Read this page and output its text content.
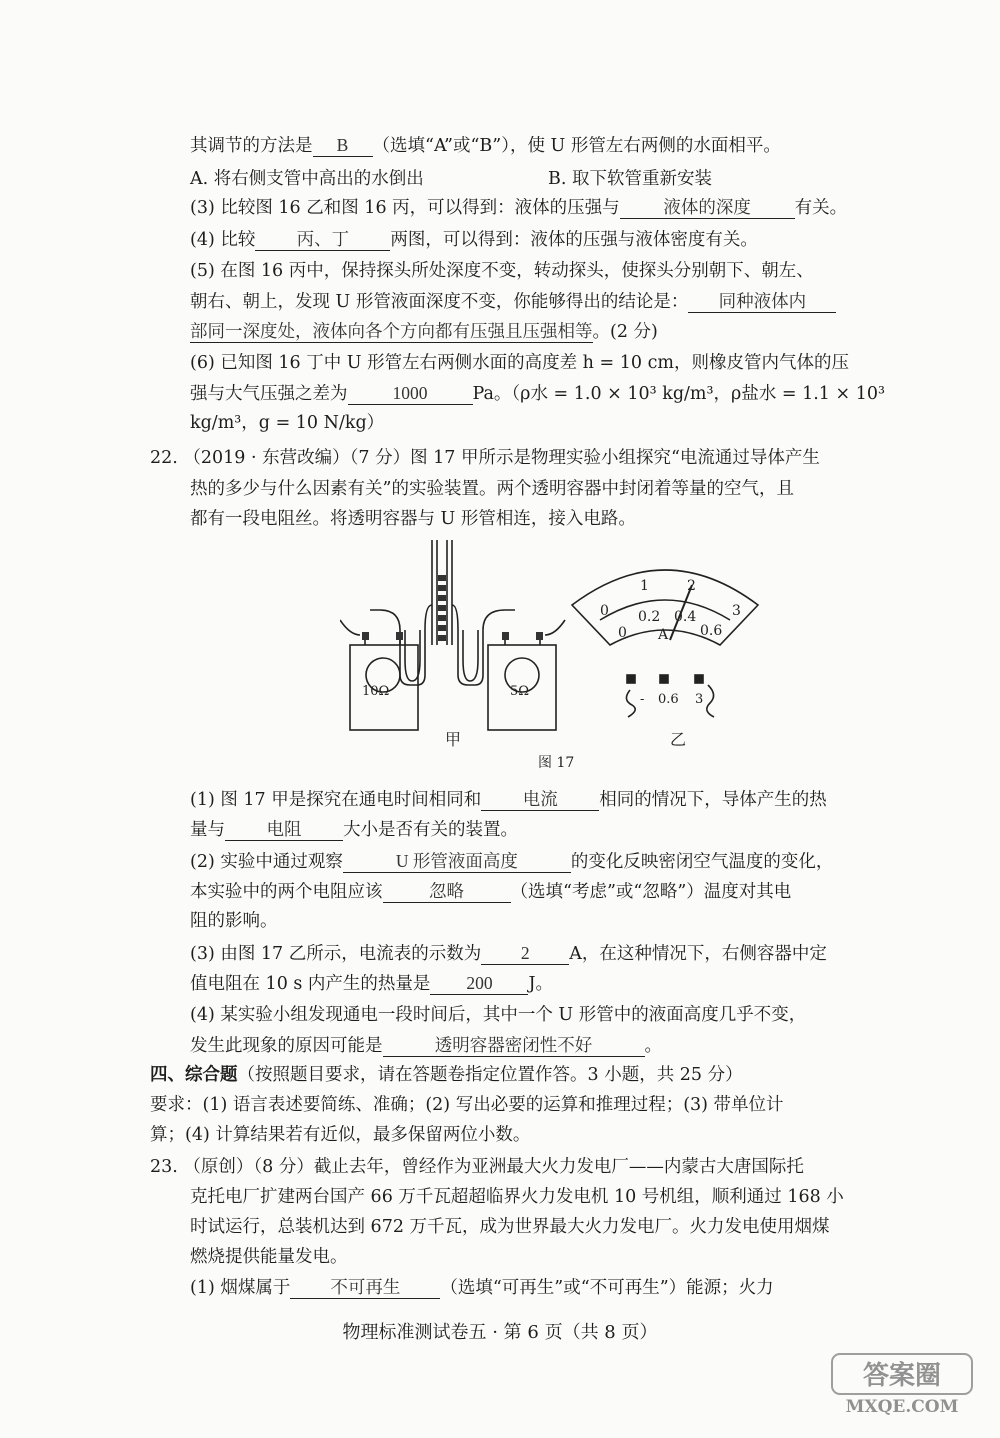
其调节的方法是 B （选填“A”或“B”），使 U 形管左右两侧的水面相平。
A. 将右侧支管中高出的水倒出	B. 取下软管重新安装
(3) 比较图 16 乙和图 16 丙，可以得到：液体的压强与	液体的深度	有关。
(4) 比较 丙、丁 两图，可以得到：液体的压强与液体密度有关。
(5) 在图 16 丙中，保持探头所处深度不变，转动探头，使探头分别朝下、朝左、
朝右、朝上，发现 U 形管液面深度不变，你能够得出的结论是： 同种液体内
部同一深度处，液体向各个方向都有压强且压强相等。(2 分)
(6) 已知图 16 丁中 U 形管左右两侧水面的高度差 h = 10 cm，则橡皮管内气体的压
强与大气压强之差为	1000	Pa。（ρ水 = 1.0 × 10³ kg/m³，ρ盐水 = 1.1 × 10³
kg/m³，g = 10 N/kg）
22. （2019 · 东营改编）（7 分）图 17 甲所示是物理实验小组探究“电流通过导体产生
热的多少与什么因素有关”的实验装置。两个透明容器中封闭着等量的空气，且
都有一段电阻丝。将透明容器与 U 形管相连，接入电路。
10Ω	5Ω
0
1	2
3
0
0.2 0.4
0.6
A
- 0.6 3
甲	乙
图 17
(1) 图 17 甲是探究在通电时间相同和 电流 相同的情况下，导体产生的热
量与 电阻 大小是否有关的装置。
(2) 实验中通过观察	U 形管液面高度	的变化反映密闭空气温度的变化，
本实验中的两个电阻应该	忽略	（选填“考虑”或“忽略”）温度对其电
阻的影响。
(3) 由图 17 乙所示，电流表的示数为 2 A，在这种情况下，右侧容器中定
值电阻在 10 s 内产生的热量是 200 J。
(4) 某实验小组发现通电一段时间后，其中一个 U 形管中的液面高度几乎不变，
发生此现象的原因可能是	透明容器密闭性不好	。
四、综合题（按照题目要求，请在答题卷指定位置作答。3 小题，共 25 分）
要求：(1) 语言表述要简练、准确；(2) 写出必要的运算和推理过程；(3) 带单位计
算；(4) 计算结果若有近似，最多保留两位小数。
23. （原创）（8 分）截止去年，曾经作为亚洲最大火力发电厂——内蒙古大唐国际托
克托电厂扩建两台国产 66 万千瓦超超临界火力发电机 10 号机组，顺利通过 168 小
时试运行，总装机达到 672 万千瓦，成为世界最大火力发电厂。火力发电使用烟煤
燃烧提供能量发电。
(1) 烟煤属于 不可再生 （选填“可再生”或“不可再生”）能源；火力
物理标准测试卷五 · 第 6 页（共 8 页）
答案圈
MXQE.COM
